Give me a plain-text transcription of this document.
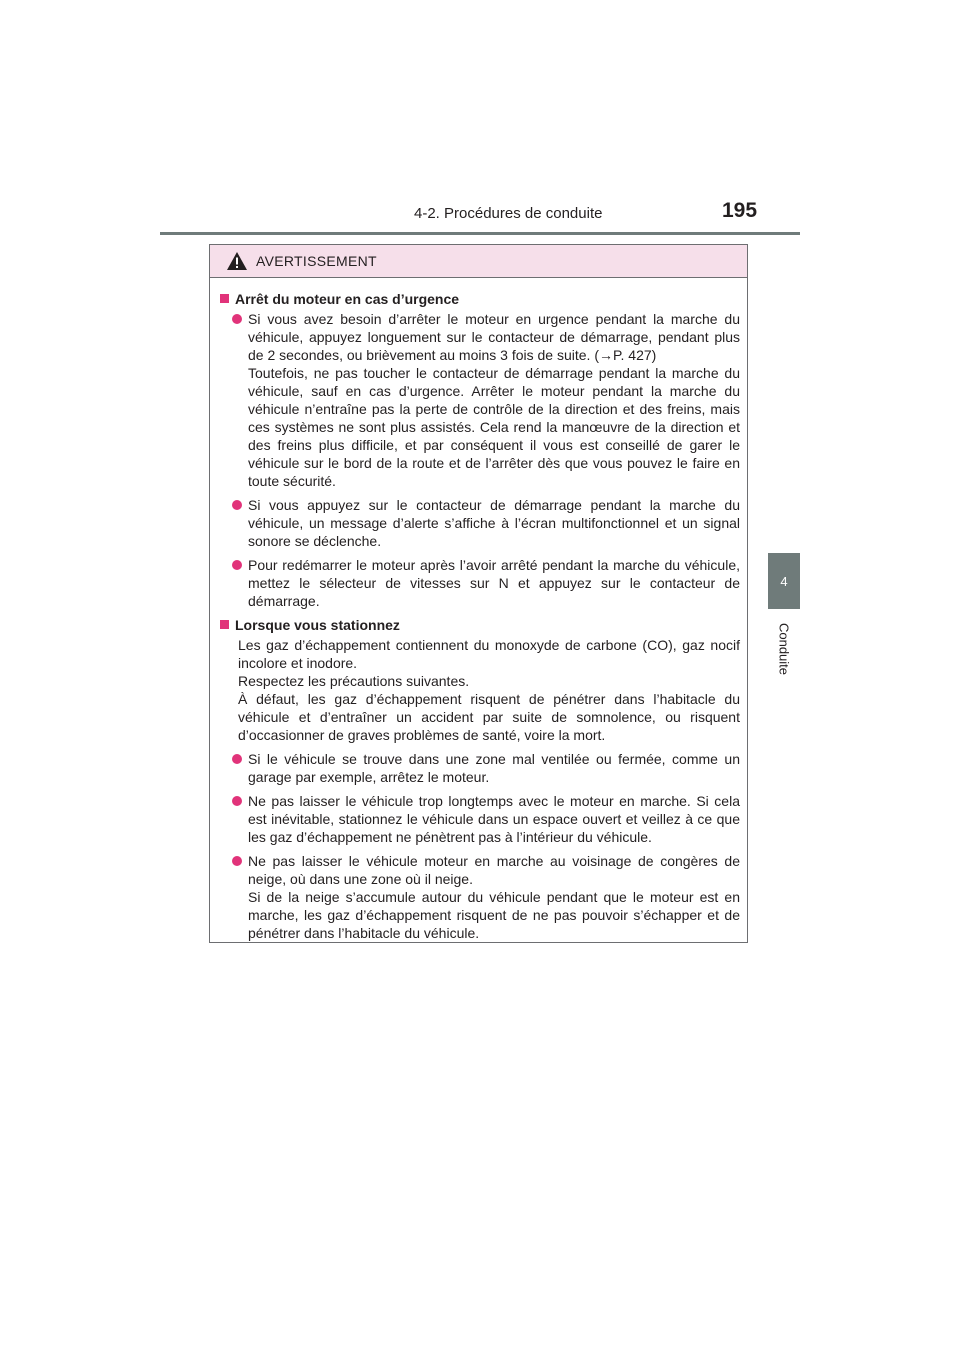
4-2. Procédures de conduite	195
4
Conduite
AVERTISSEMENT
Arrêt du moteur en cas d’urgence

Si vous avez besoin d’arrêter le moteur en urgence pendant la marche du véhicule, appuyez longuement sur le contacteur de démarrage, pendant plus de 2 secondes, ou brièvement au moins 3 fois de suite. (→P. 427)

Toutefois, ne pas toucher le contacteur de démarrage pendant la marche du véhicule, sauf en cas d’urgence. Arrêter le moteur pendant la marche du véhicule n’entraîne pas la perte de contrôle de la direction et des freins, mais ces systèmes ne sont plus assistés. Cela rend la manœuvre de la direction et des freins plus difficile, et par conséquent il vous est conseillé de garer le véhicule sur le bord de la route et de l’arrêter dès que vous pouvez le faire en toute sécurité.

Si vous appuyez sur le contacteur de démarrage pendant la marche du véhicule, un message d’alerte s’affiche à l’écran multifonctionnel et un signal sonore se déclenche.

Pour redémarrer le moteur après l’avoir arrêté pendant la marche du véhicule, mettez le sélecteur de vitesses sur N et appuyez sur le contacteur de démarrage.

Lorsque vous stationnez

Les gaz d’échappement contiennent du monoxyde de carbone (CO), gaz nocif incolore et inodore.

Respectez les précautions suivantes.

À défaut, les gaz d’échappement risquent de pénétrer dans l’habitacle du véhicule et d’entraîner un accident par suite de somnolence, ou risquent d’occasionner de graves problèmes de santé, voire la mort.

Si le véhicule se trouve dans une zone mal ventilée ou fermée, comme un garage par exemple, arrêtez le moteur.

Ne pas laisser le véhicule trop longtemps avec le moteur en marche. Si cela est inévitable, stationnez le véhicule dans un espace ouvert et veillez à ce que les gaz d’échappement ne pénètrent pas à l’intérieur du véhicule.

Ne pas laisser le véhicule moteur en marche au voisinage de congères de neige, où dans une zone où il neige.

Si de la neige s’accumule autour du véhicule pendant que le moteur est en marche, les gaz d’échappement risquent de ne pas pouvoir s’échapper et de pénétrer dans l’habitacle du véhicule.
